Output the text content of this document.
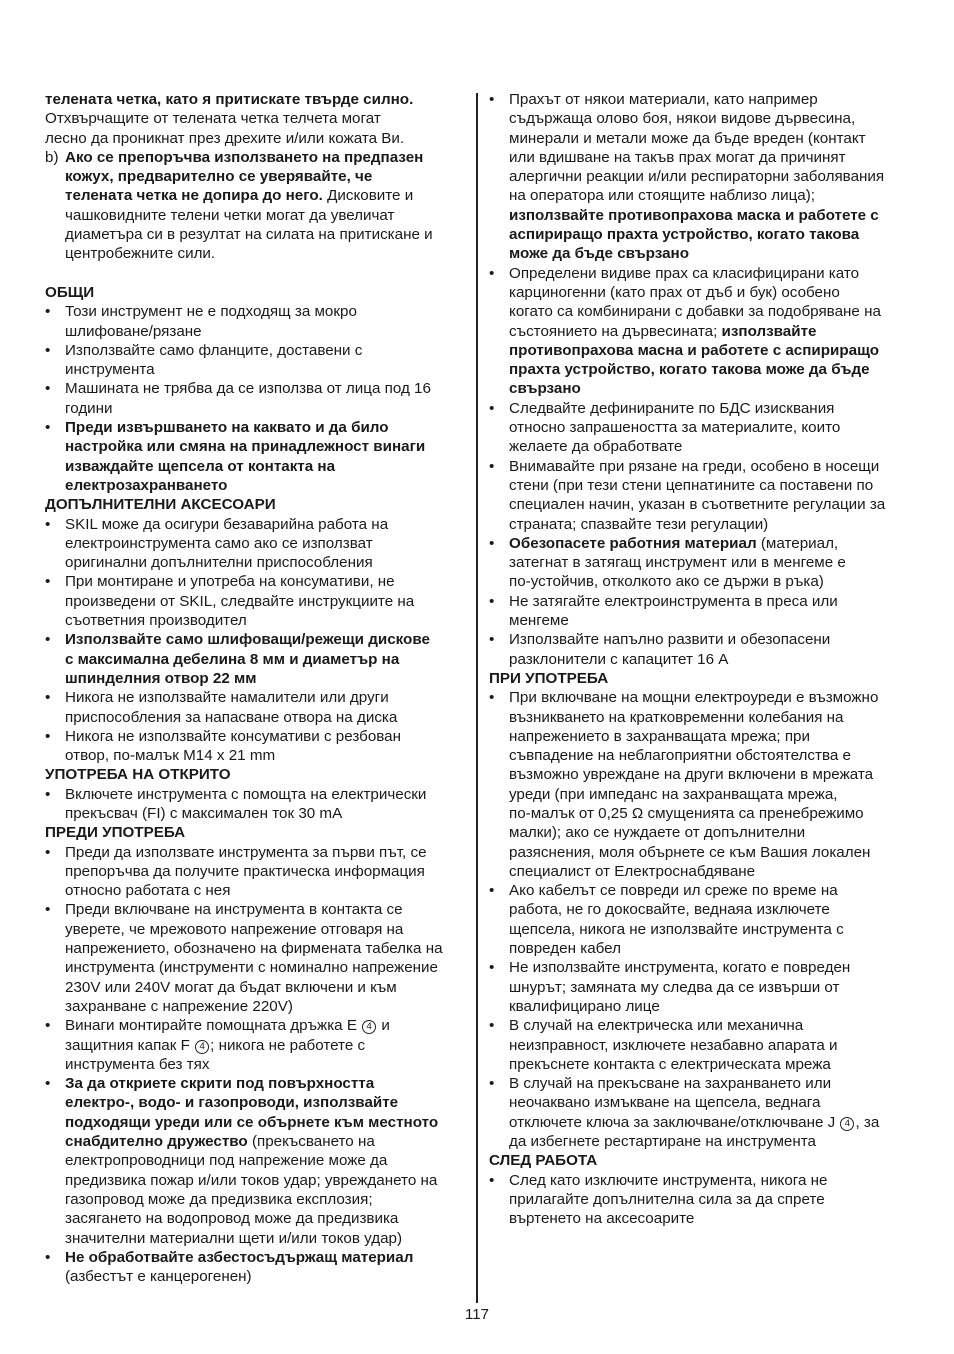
телената четка, като я притискате твърде силно.
Отхвърчащите от телената четка телчета могат
лесно да проникнат през дрехите и/или кожата Ви.
b) Ако се препоръчва използването на предпазен
кожух, предварително се уверявайте, че
телената четка не допира до него. Дисковите и
чашковидните телени четки могат да увеличат
диаметъра си в резултат на силата на притискане и
центробежните сили.
ОБЩИ
• Този инструмент не е подходящ за мокро
шлифоване/рязане
• Използвайте само фланците, доставени с
инструмента
• Машината не трябва да се използва от лица под 16
години
• Преди извършването на каквато и да било
настройка или смяна на принадлежност винаги
изваждайте щепсела от контакта на
електрозахранването
ДОПЪЛНИТЕЛНИ АКСЕСОАРИ
• SKIL може да осигури безаварийна работа на
електроинструмента само ако се използват
оригинални допълнителни приспособления
• При монтиране и употреба на консумативи, не
произведени от SKIL, следвайте инструкциите на
съответния производител
• Използвайте само шлифоващи/режещи дискове
с максимална дебелина 8 мм и диаметър на
шпинделния отвор 22 мм
• Никога не използвайте намалители или други
приспособления за напасване отвора на диска
• Никога не използвайте консумативи с резбован
отвор, по-малък M14 x 21 mm
УПОТРЕБА НА ОТКРИТО
• Включете инструмента с помощта на електрически
прекъсвач (FI) с максимален ток 30 mA
ПРЕДИ УПОТРЕБА
• Преди да използвате инструмента за първи път, се
препоръчва да получите практическа информация
относно работата с нея
• Преди включване на инструмента в контакта се
уверете, че мрежовото напрежение отговаря на
напрежението, обозначено на фирмената табелка на
инструмента (инструменти с номинално напрежение
230V или 240V могат да бъдат включени и към
захранване с напрежение 220V)
• Винаги монтирайте помощната дръжка E 4 и
защитния капак F 4 ; никога не работете с
инструмента без тях
• За да откриете скрити под повърхността
електро-, водо- и газопроводи, използвайте
подходящи уреди или се обърнете към местното
снабдително дружество (прекъсването на
електропроводници под напрежение може да
предизвика пожар и/или токов удар; увреждането на
газопровод може да предизвика експлозия;
засягането на водопровод може да предизвика
значителни материални щети и/или токов удар)
• Не обработвайте азбестосъдържащ материал
(азбестът е канцерогенен)
• Прахът от някои материали, като например
съдържаща олово боя, някои видове дървесина,
минерали и метали може да бъде вреден (контакт
или вдишване на такъв прах могат да причинят
алергични реакции и/или респираторни заболявания
на оператора или стоящите наблизо лица);
използвайте противопрахова маска и работете с
аспириращо прахта устройство, когато такова
може да бъде свързано
• Определени видиве прах са класифицирани като
карциногенни (като прах от дъб и бук) особено
когато са комбинирани с добавки за подобряване на
състоянието на дървесината; използвайте
противопрахова масна и работете с аспириращо
прахта устройство, когато такова може да бъде
свързано
• Следвайте дефинираните по БДС изисквания
относно запрашеността за материалите, които
желаете да обработвате
• Внимавайте при рязане на греди, особено в носещи
стени (при тези стени цепнатините са поставени по
специален начин, указан в съответните регулации за
страната; спазвайте тези регулации)
• Обезопасете работния материал (материал,
затегнат в затягащ инструмент или в менгеме е
по-устойчив, отколкото ако се държи в ръка)
• Не затягайте електроинструмента в преса или
менгеме
• Използвайте напълно развити и обезопасени
разклонители с капацитет 16 A
ПРИ УПОТРЕБА
• При включване на мощни електроуреди е възможно
възникването на кратковременни колебания на
напрежението в захранващата мрежа; при
съвпадение на неблагоприятни обстоятелства е
възможно увреждане на други включени в мрежата
уреди (при импеданс на захранващата мрежа,
по-малък от 0,25 Ω смущенията са пренебрежимо
малки); ако се нуждаете от допълнителни
разяснения, моля обърнете се към Вашия локален
специалист от Електроснабдяване
• Ако кабелът се повреди ил среже по време на
работа, не го докосвайте, веднаяа изключете
щепсела, никога не използвайте инструмента с
повреден кабел
• Не използвайте инструмента, когато е повреден
шнурът; замяната му следва да се извърши от
квалифицирано лице
• В случай на електрическа или механична
неизправност, изключете незабавно апарата и
прекъснете контакта с електрическата мрежа
• В случай на прекъсване на захранването или
неочаквано измъкване на щепсела, веднага
отключете ключа за заключване/отключване J 4 , за
да избегнете рестартиране на инструмента
СЛЕД РАБОТА
• След като изключите инструмента, никога не
прилагайте допълнителна сила за да спрете
въртенето на аксесоарите
117
